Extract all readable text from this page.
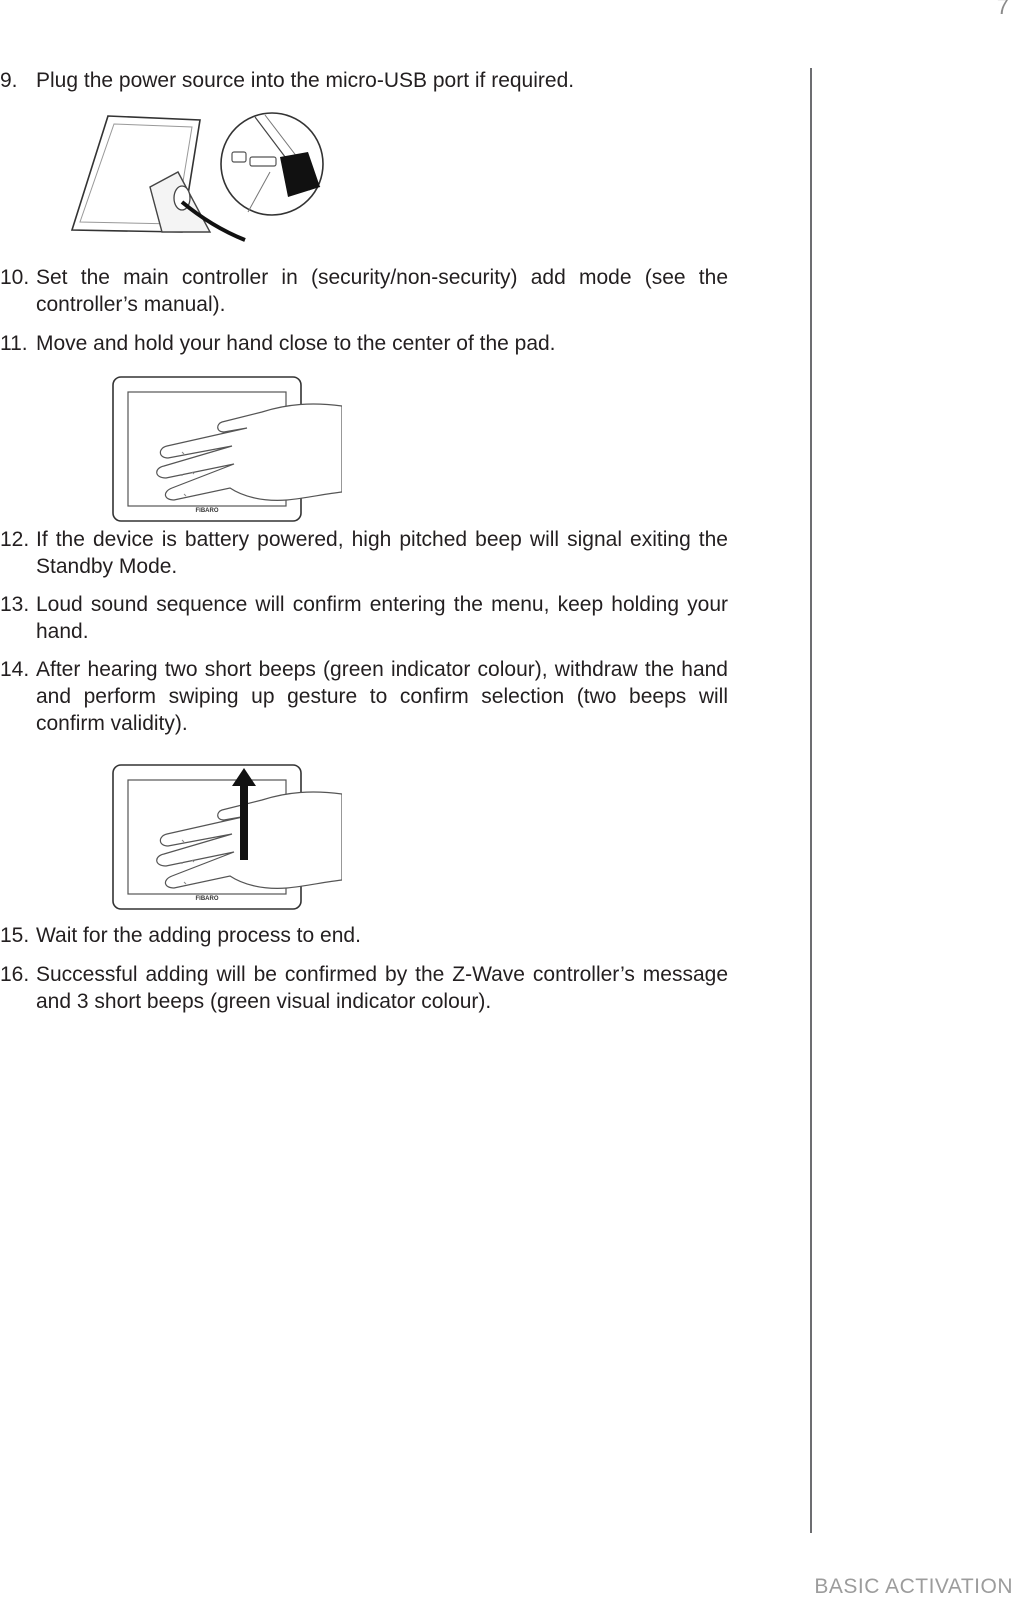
7
BASIC ACTIVATION
9. Plug the power source into the micro-USB port if required.
10. Set the main controller in (security/non-security) add mode (see the controller’s manual).
11. Move and hold your hand close to the center of the pad.
FIBARO
12. If the device is battery powered, high pitched beep will signal exiting the Standby Mode.
13. Loud sound sequence will confirm entering the menu, keep holding your hand.
14. After hearing two short beeps (green indicator colour), withdraw the hand and perform swiping up gesture to confirm selection (two beeps will confirm validity).
FIBARO
15. Wait for the adding process to end.
16. Successful adding will be confirmed by the Z-Wave controller’s message and 3 short beeps (green visual indicator colour).
